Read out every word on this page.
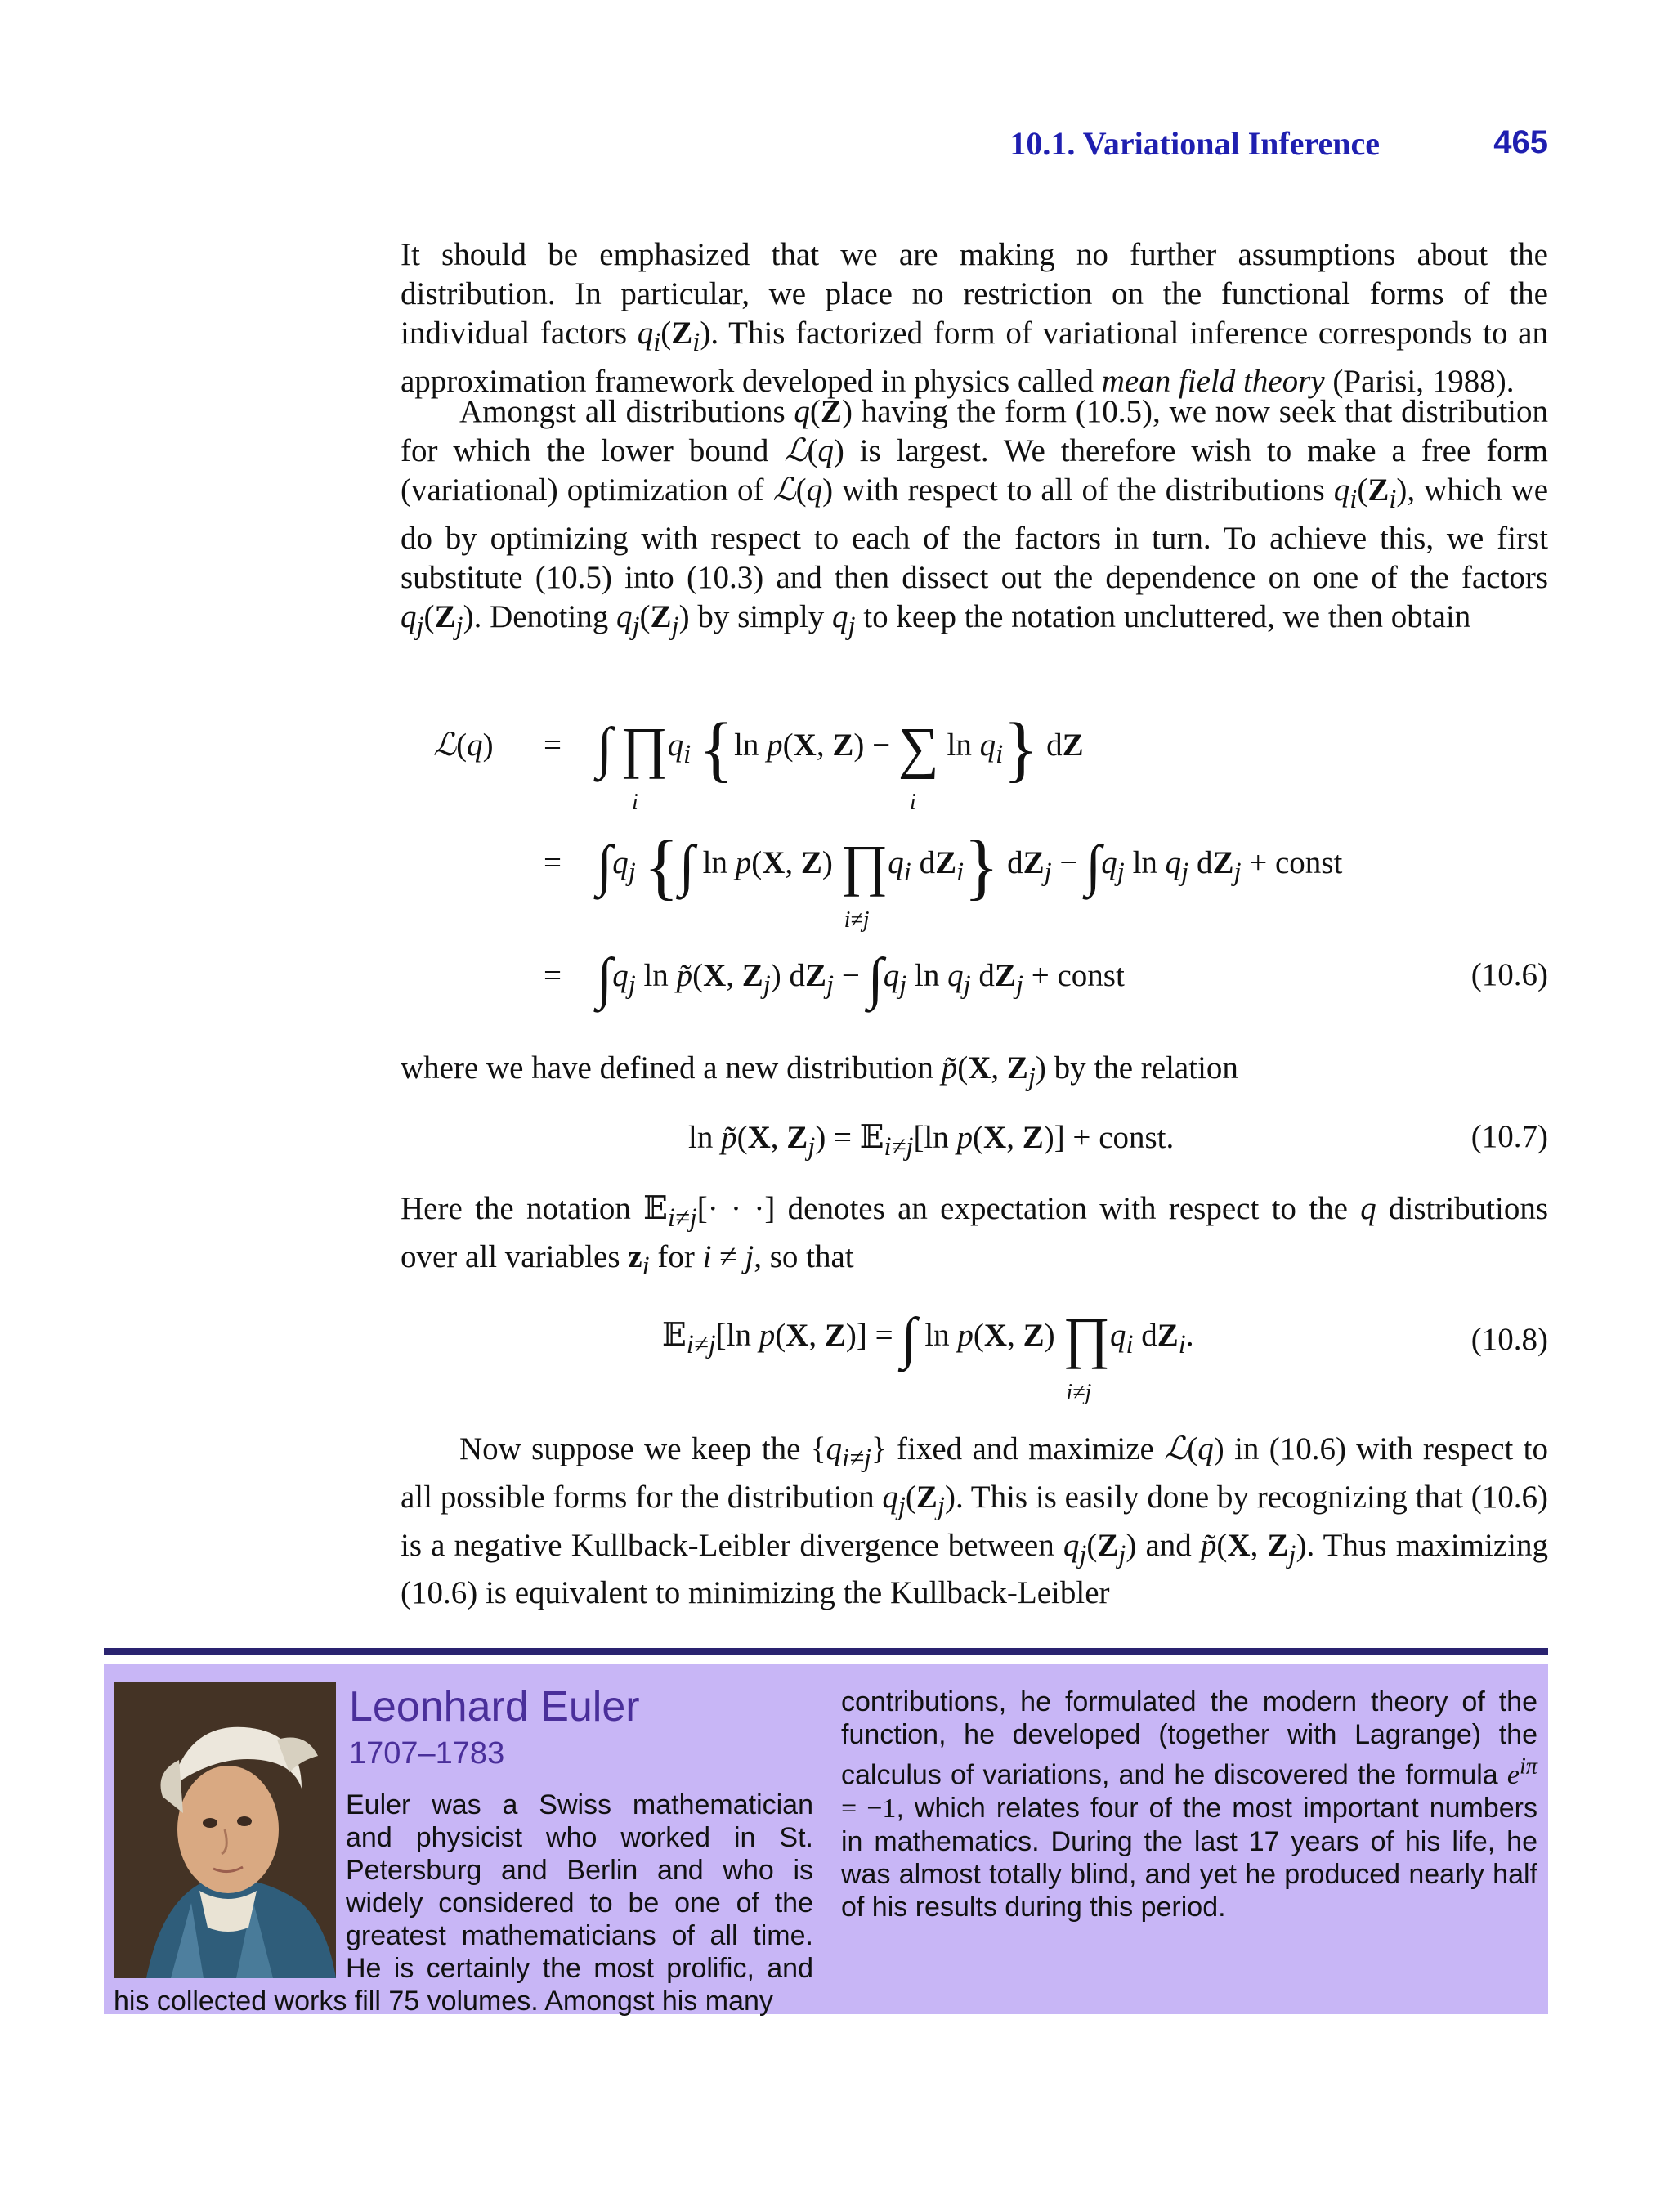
10.1. Variational Inference	465
It should be emphasized that we are making no further assumptions about the distribution. In particular, we place no restriction on the functional forms of the individual factors $q_i(Z_i)$. This factorized form of variational inference corresponds to an approximation framework developed in physics called mean field theory (Parisi, 1988).
Amongst all distributions q(Z) having the form (10.5), we now seek that distribution for which the lower bound ℒ(q) is largest. We therefore wish to make a free form (variational) optimization of ℒ(q) with respect to all of the distributions $q_i(Z_i)$, which we do by optimizing with respect to each of the factors in turn. To achieve this, we first substitute (10.5) into (10.3) and then dissect out the dependence on one of the factors $q_j(Z_j)$. Denoting $q_j(Z_j)$ by simply $q_j$ to keep the notation uncluttered, we then obtain
ℒ(q) = ∫ ∏
i
$q_i$ {ln p(X, Z) − ∑
i
$\ln q_i$} dZ
= $\int q_j$ {∫ ln p(X, Z) ∏
i≠j
$q_i$ $dZ_i$} $dZ_j - \int q_j$ $\ln q_j$ $dZ_j$ + const
= $\int q_j$ ln p̃(X, $Z_j$) $dZ_j - \int q_j$ $\ln q_j$ $dZ_j$ + const	(10.6)
where we have defined a new distribution p̃(X, $Z_j$) by the relation
ln p̃(X, $Z_j$) = 𝔼$_{i\ne j}$[ln p(X, Z)] + const.	(10.7)
Here the notation 𝔼$_{i\ne j}$[· · ·] denotes an expectation with respect to the q distributions over all variables $z_i$ for i ≠ j, so that
𝔼$_{i\ne j}$[ln p(X, Z)] = ∫ ln p(X, Z) ∏
i≠j
$q_i$ $dZ_i$.	(10.8)
Now suppose we keep the $\{q_{i\ne j}\}$ fixed and maximize ℒ(q) in (10.6) with respect to all possible forms for the distribution $q_j(Z_j)$. This is easily done by recognizing that (10.6) is a negative Kullback-Leibler divergence between $q_j(Z_j)$ and p̃(X, $Z_j$). Thus maximizing (10.6) is equivalent to minimizing the Kullback-Leibler
Leonhard Euler
1707–1783
Euler was a Swiss mathematician and physicist who worked in St. Petersburg and Berlin and who is widely considered to be one of the greatest mathematicians of all time. He is certainly the most prolific, and his collected works fill 75 volumes. Amongst his many
contributions, he formulated the modern theory of the function, he developed (together with Lagrange) the calculus of variations, and he discovered the formula $e^{i\pi} = -1$, which relates four of the most important numbers in mathematics. During the last 17 years of his life, he was almost totally blind, and yet he produced nearly half of his results during this period.
